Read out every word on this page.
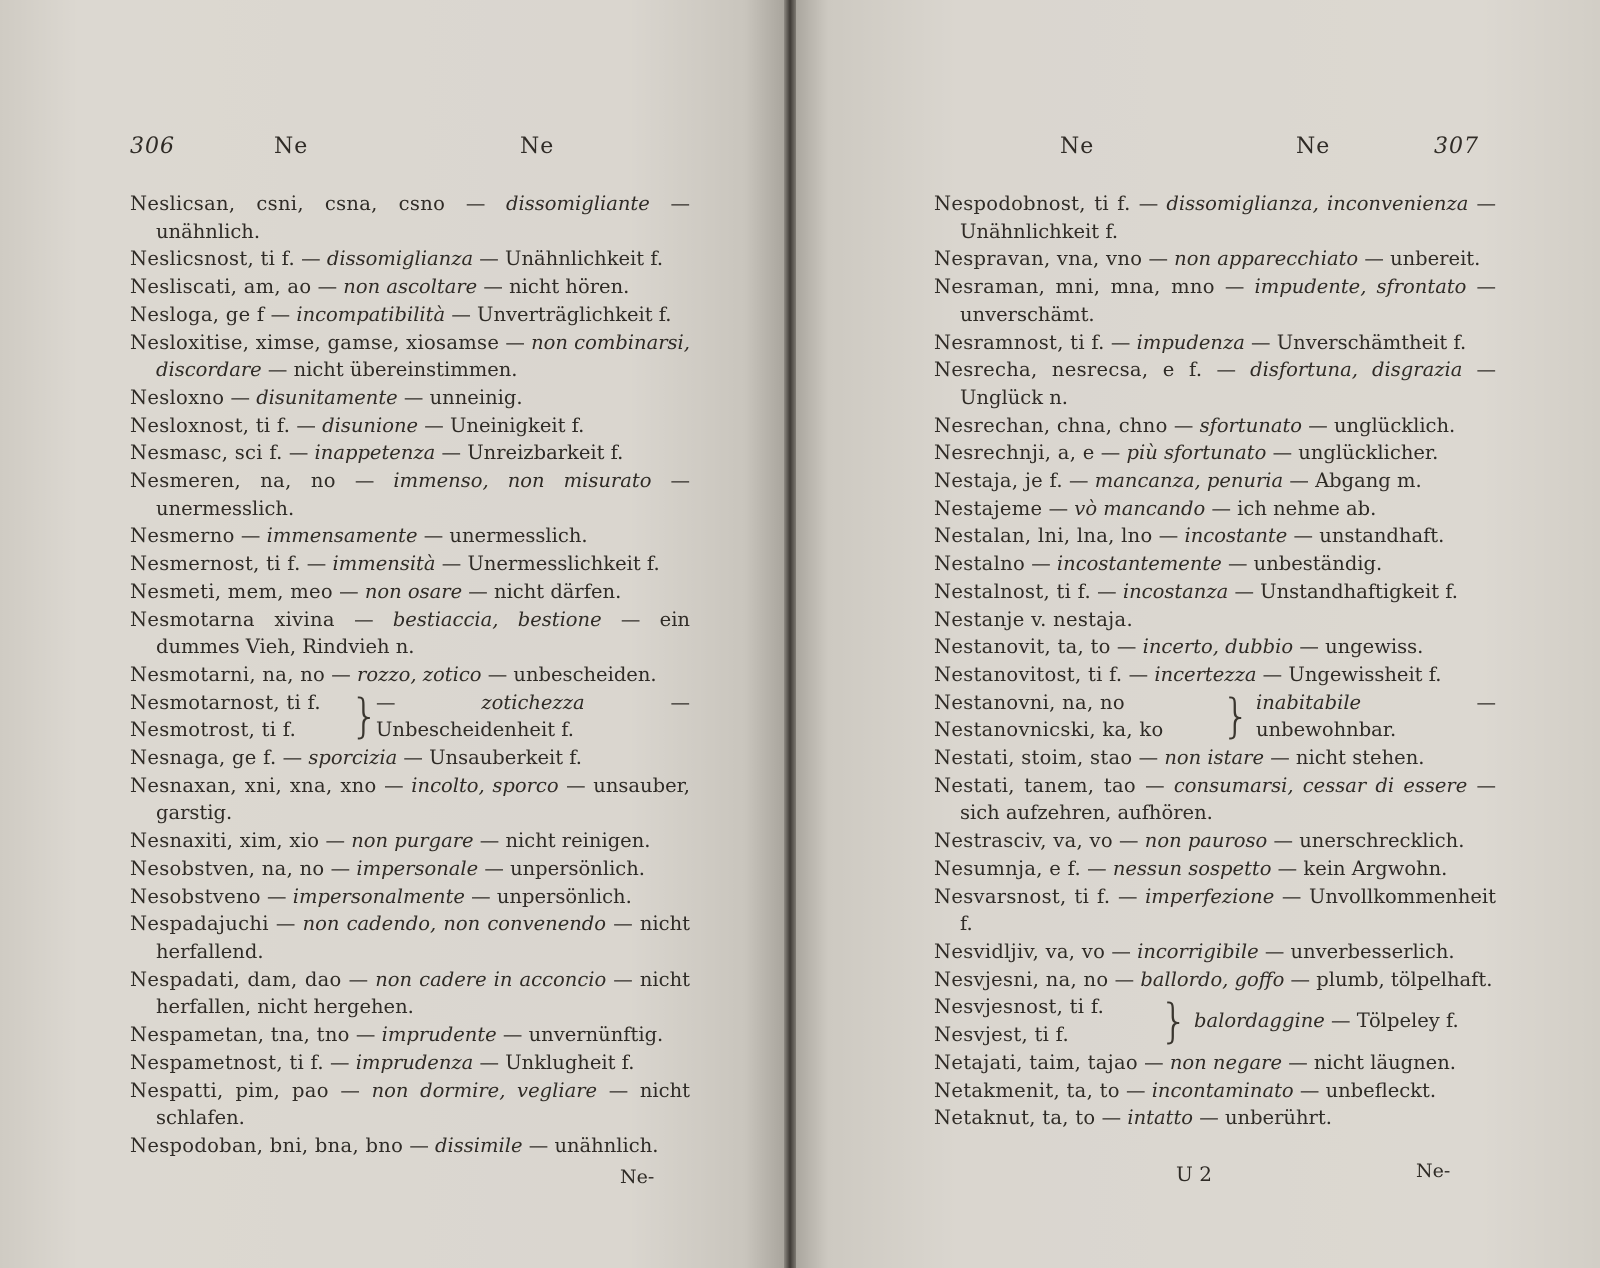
306	Ne	Ne
Neslicsan, csni, csna, csno — dissomigliante — unähnlich.
Neslicsnost, ti f. — dissomiglianza — Unähnlichkeit f.
Nesliscati, am, ao — non ascoltare — nicht hören.
Nesloga, ge f — incompatibilità — Unverträglichkeit f.
Nesloxitise, ximse, gamse, xiosamse — non combinarsi, discordare — nicht übereinstimmen.
Nesloxno — disunitamente — unneinig.
Nesloxnost, ti f. — disunione — Uneinigkeit f.
Nesmasc, sci f. — inappetenza — Unreizbarkeit f.
Nesmeren, na, no — immenso, non misurato — unermesslich.
Nesmerno — immensamente — unermesslich.
Nesmernost, ti f. — immensità — Unermesslichkeit f.
Nesmeti, mem, meo — non osare — nicht därfen.
Nesmotarna xivina — bestiaccia, bestione — ein dummes Vieh, Rindvieh n.
Nesmotarni, na, no — rozzo, zotico — unbescheiden.
Nesmotarnost, ti f.
Nesmotrost, ti f.	}
— zotichezza — Unbescheidenheit f.
Nesnaga, ge f. — sporcizia — Unsauberkeit f.
Nesnaxan, xni, xna, xno — incolto, sporco — unsauber, garstig.
Nesnaxiti, xim, xio — non purgare — nicht reinigen.
Nesobstven, na, no — impersonale — unpersönlich.
Nesobstveno — impersonalmente — unpersönlich.
Nespadajuchi — non cadendo, non convenendo — nicht herfallend.
Nespadati, dam, dao — non cadere in acconcio — nicht herfallen, nicht hergehen.
Nespametan, tna, tno — imprudente — unvernünftig.
Nespametnost, ti f. — imprudenza — Unklugheit f.
Nespatti, pim, pao — non dormire, vegliare — nicht schlafen.
Nespodoban, bni, bna, bno — dissimile — unähnlich.
Ne-
Ne	Ne	307
Nespodobnost, ti f. — dissomiglianza, inconvenienza — Unähnlichkeit f.
Nespravan, vna, vno — non apparecchiato — unbereit.
Nesraman, mni, mna, mno — impudente, sfrontato — unverschämt.
Nesramnost, ti f. — impudenza — Unverschämtheit f.
Nesrecha, nesrecsa, e f. — disfortuna, disgrazia — Unglück n.
Nesrechan, chna, chno — sfortunato — unglücklich.
Nesrechnji, a, e — più sfortunato — unglücklicher.
Nestaja, je f. — mancanza, penuria — Abgang m.
Nestajeme — vò mancando — ich nehme ab.
Nestalan, lni, lna, lno — incostante — unstandhaft.
Nestalno — incostantemente — unbeständig.
Nestalnost, ti f. — incostanza — Unstandhaftigkeit f.
Nestanje v. nestaja.
Nestanovit, ta, to — incerto, dubbio — ungewiss.
Nestanovitost, ti f. — incertezza — Ungewissheit f.
Nestanovni, na, no
Nestanovnicski, ka, ko	} inabitabile — unbewohnbar.
Nestati, stoim, stao — non istare — nicht stehen.
Nestati, tanem, tao — consumarsi, cessar di essere — sich aufzehren, aufhören.
Nestrasciv, va, vo — non pauroso — unerschrecklich.
Nesumnja, e f. — nessun sospetto — kein Argwohn.
Nesvarsnost, ti f. — imperfezione — Unvollkommenheit f.
Nesvidljiv, va, vo — incorrigibile — unverbesserlich.
Nesvjesni, na, no — ballordo, goffo — plumb, tölpelhaft.
Nesvjesnost, ti f.
Nesvjest, ti f.	} balordaggine — Tölpeley f.
Netajati, taim, tajao — non negare — nicht läugnen.
Netakmenit, ta, to — incontaminato — unbefleckt.
Netaknut, ta, to — intatto — unberührt.
U 2	Ne-
